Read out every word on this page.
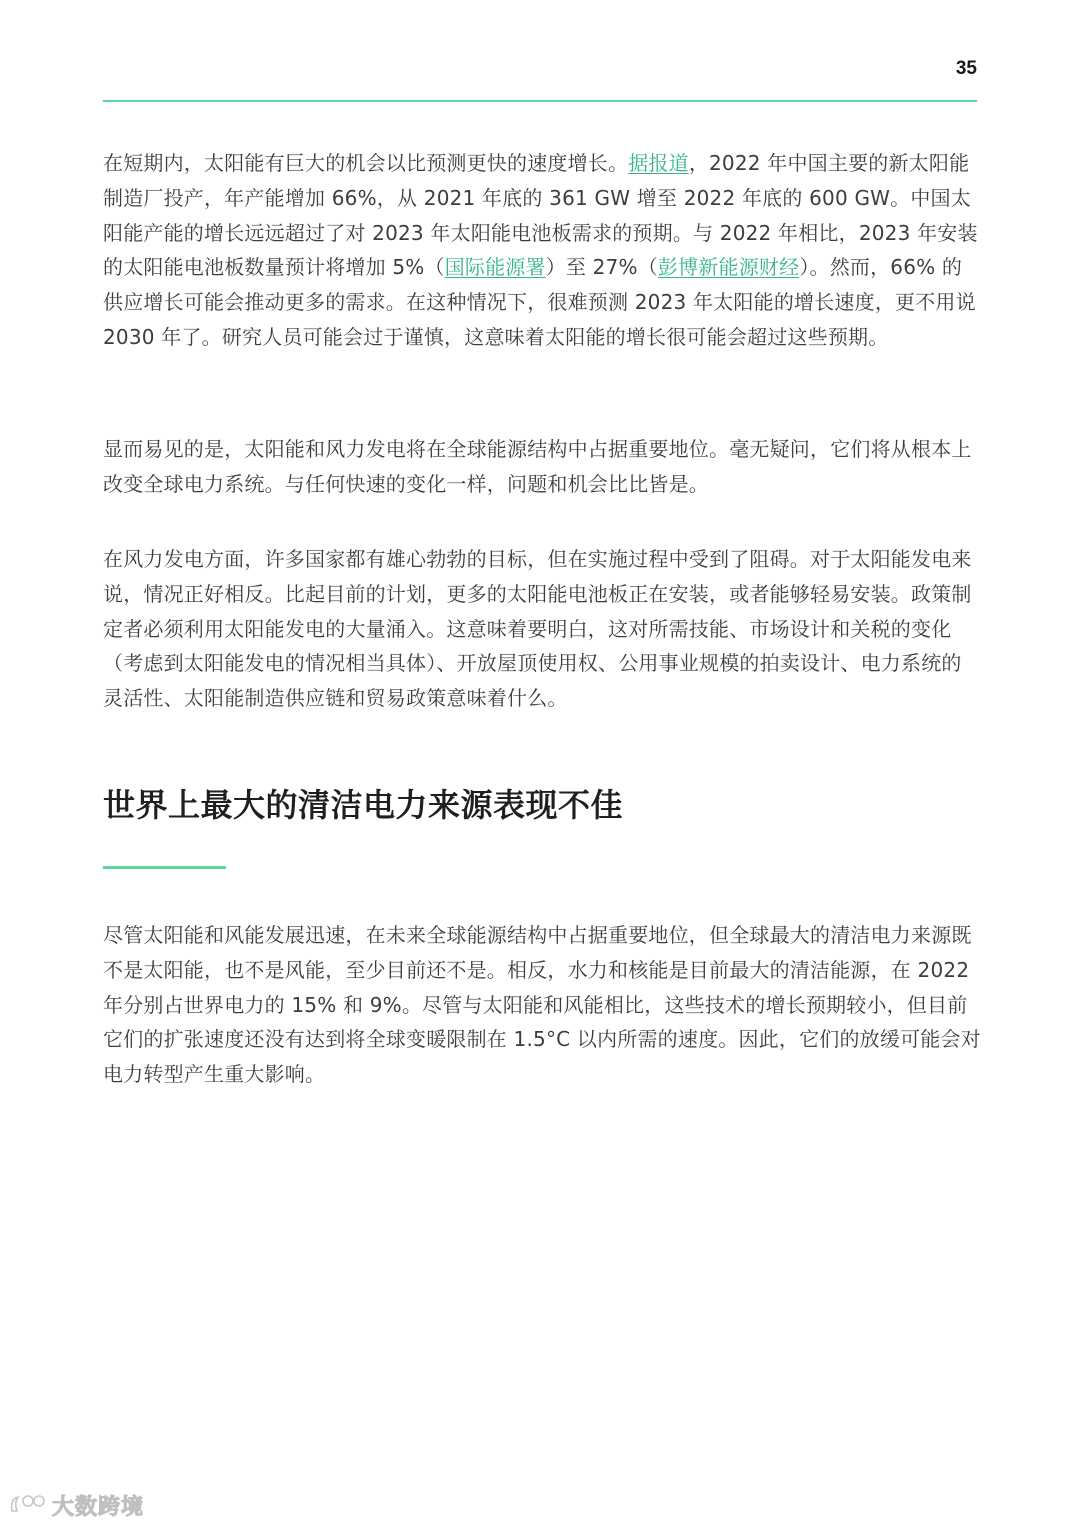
35

在短期内，太阳能有巨大的机会以比预测更快的速度增长。据报道，2022 年中国主要的新太阳能制造厂投产，年产能增加 66%，从 2021 年底的 361 GW 增至 2022 年底的 600 GW。中国太阳能产能的增长远远超过了对 2023 年太阳能电池板需求的预期。与 2022 年相比，2023 年安装的太阳能电池板数量预计将增加 5%（国际能源署）至 27%（彭博新能源财经）。然而，66% 的供应增长可能会推动更多的需求。在这种情况下，很难预测 2023 年太阳能的增长速度，更不用说 2030 年了。研究人员可能会过于谨慎，这意味着太阳能的增长很可能会超过这些预期。

显而易见的是，太阳能和风力发电将在全球能源结构中占据重要地位。毫无疑问，它们将从根本上改变全球电力系统。与任何快速的变化一样，问题和机会比比皆是。

在风力发电方面，许多国家都有雄心勃勃的目标，但在实施过程中受到了阻碍。对于太阳能发电来说，情况正好相反。比起目前的计划，更多的太阳能电池板正在安装，或者能够轻易安装。政策制定者必须利用太阳能发电的大量涌入。这意味着要明白，这对所需技能、市场设计和关税的变化（考虑到太阳能发电的情况相当具体）、开放屋顶使用权、公用事业规模的拍卖设计、电力系统的灵活性、太阳能制造供应链和贸易政策意味着什么。

世界上最大的清洁电力来源表现不佳

尽管太阳能和风能发展迅速，在未来全球能源结构中占据重要地位，但全球最大的清洁电力来源既不是太阳能，也不是风能，至少目前还不是。相反，水力和核能是目前最大的清洁能源，在 2022 年分别占世界电力的 15% 和 9%。尽管与太阳能和风能相比，这些技术的增长预期较小，但目前它们的扩张速度还没有达到将全球变暖限制在 1.5°C 以内所需的速度。因此，它们的放缓可能会对电力转型产生重大影响。

大数跨境
